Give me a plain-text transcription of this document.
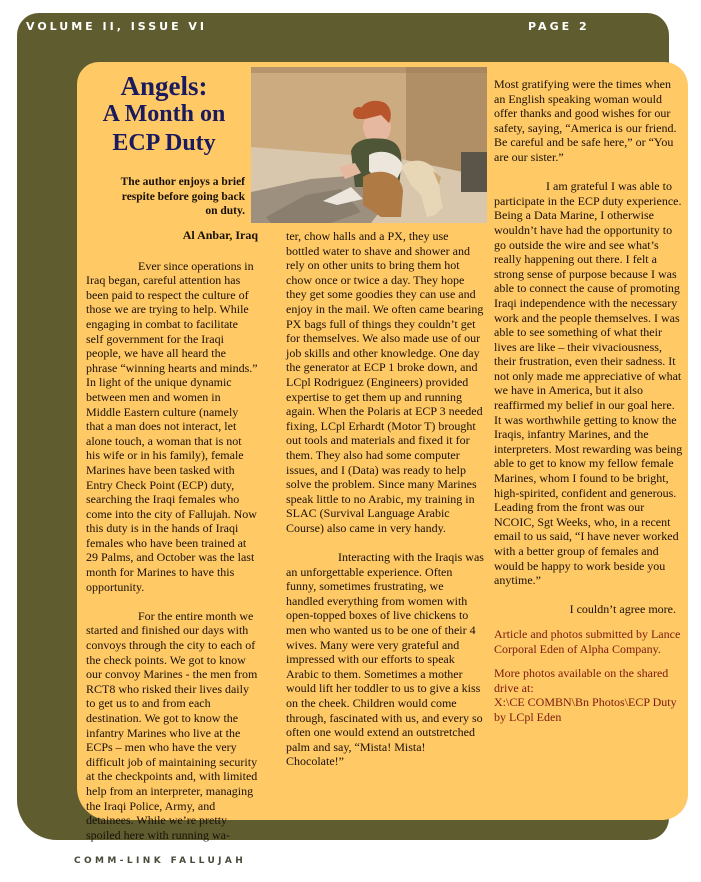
VOLUME II, ISSUE VI	PAGE 2
Angels:
A Month on
ECP Duty
The author enjoys a brief respite before going back on duty.

Al Anbar, Iraq

Ever since operations in Iraq began, careful attention has been paid to respect the culture of those we are trying to help. While engaging in combat to facilitate self government for the Iraqi people, we have all heard the phrase “winning hearts and minds.” In light of the unique dynamic between men and women in Middle Eastern culture (namely that a man does not interact, let alone touch, a woman that is not his wife or in his family), female Marines have been tasked with Entry Check Point (ECP) duty, searching the Iraqi females who come into the city of Fallujah. Now this duty is in the hands of Iraqi females who have been trained at 29 Palms, and October was the last month for Marines to have this opportunity.

For the entire month we started and finished our days with convoys through the city to each of the check points. We got to know our convoy Marines - the men from RCT8 who risked their lives daily to get us to and from each destination. We got to know the infantry Marines who live at the ECPs – men who have the very difficult job of maintaining security at the checkpoints and, with limited help from an interpreter, managing the Iraqi Police, Army, and detainees. While we’re pretty spoiled here with running wa-

ter, chow halls and a PX, they use bottled water to shave and shower and rely on other units to bring them hot chow once or twice a day. They hope they get some goodies they can use and enjoy in the mail. We often came bearing PX bags full of things they couldn’t get for themselves. We also made use of our job skills and other knowledge. One day the generator at ECP 1 broke down, and LCpl Rodriguez (Engineers) provided expertise to get them up and running again. When the Polaris at ECP 3 needed fixing, LCpl Erhardt (Motor T) brought out tools and materials and fixed it for them. They also had some computer issues, and I (Data) was ready to help solve the problem. Since many Marines speak little to no Arabic, my training in SLAC (Survival Language Arabic Course) also came in very handy.

Interacting with the Iraqis was an unforgettable experience. Often funny, sometimes frustrating, we handled everything from women with open-topped boxes of live chickens to men who wanted us to be one of their 4 wives. Many were very grateful and impressed with our efforts to speak Arabic to them. Sometimes a mother would lift her toddler to us to give a kiss on the cheek. Children would come through, fascinated with us, and every so often one would extend an outstretched palm and say, “Mista! Mista! Chocolate!”

Most gratifying were the times when an English speaking woman would offer thanks and good wishes for our safety, saying, “America is our friend. Be careful and be safe here,” or “You are our sister.”

I am grateful I was able to participate in the ECP duty experience. Being a Data Marine, I otherwise wouldn’t have had the opportunity to go outside the wire and see what’s really happening out there. I felt a strong sense of purpose because I was able to connect the cause of promoting Iraqi independence with the necessary work and the people themselves. I was able to see something of what their lives are like – their vivaciousness, their frustration, even their sadness. It not only made me appreciative of what we have in America, but it also reaffirmed my belief in our goal here. It was worthwhile getting to know the Iraqis, infantry Marines, and the interpreters. Most rewarding was being able to get to know my fellow female Marines, whom I found to be bright, high-spirited, confident and generous. Leading from the front was our NCOIC, Sgt Weeks, who, in a recent email to us said, “I have never worked with a better group of females and would be happy to work beside you anytime.”

I couldn’t agree more.

Article and photos submitted by Lance Corporal Eden of Alpha Company.

More photos available on the shared drive at:

X:\CE COMBN\Bn Photos\ECP Duty by LCpl Eden

COMM-LINK FALLUJAH
